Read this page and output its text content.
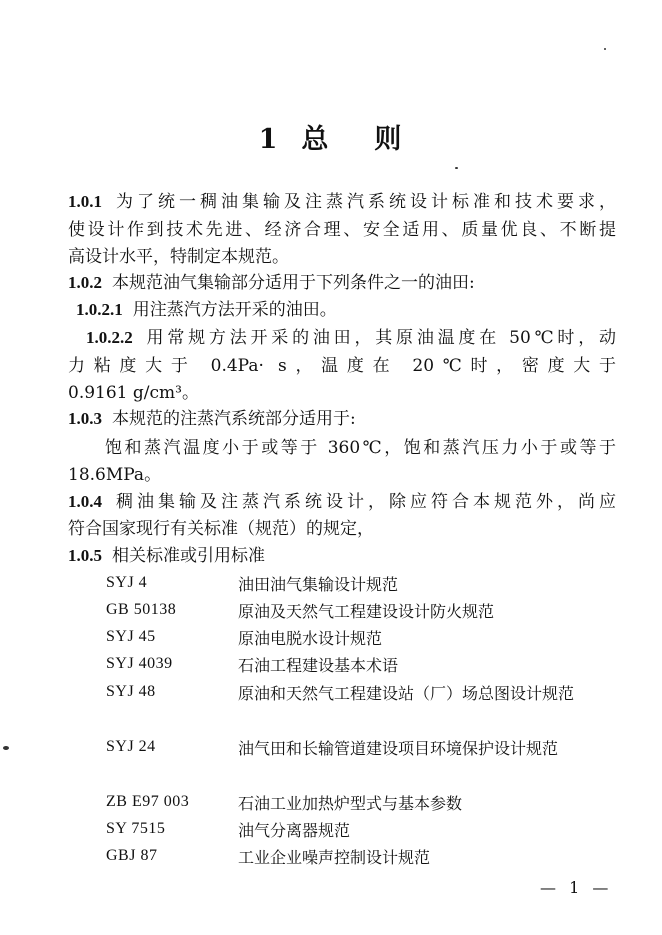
1 总 则
1.0.1 为了统一稠油集输及注蒸汽系统设计标准和技术要求，
使设计作到技术先进、经济合理、安全适用、质量优良、不断提
高设计水平，特制定本规范。
1.0.2 本规范油气集输部分适用于下列条件之一的油田:
1.0.2.1 用注蒸汽方法开采的油田。
1.0.2.2 用常规方法开采的油田，其原油温度在 50℃时，动
力粘度大于 0.4Pa· s，温度在 20℃时，密度大于
0.9161 g/cm³。
1.0.3 本规范的注蒸汽系统部分适用于:
饱和蒸汽温度小于或等于 360℃，饱和蒸汽压力小于或等于
18.6MPa。
1.0.4 稠油集输及注蒸汽系统设计，除应符合本规范外，尚应
符合国家现行有关标准（规范）的规定，
1.0.5 相关标准或引用标准
SYJ 4	油田油气集输设计规范
GB 50138	原油及天然气工程建设设计防火规范
SYJ 45	原油电脱水设计规范
SYJ 4039	石油工程建设基本术语
SYJ 48	原油和天然气工程建设站（厂）场总图设计规范
SYJ 24	油气田和长输管道建设项目环境保护设计规范
ZB E97 003	石油工业加热炉型式与基本参数
SY 7515	油气分离器规范
GBJ 87	工业企业噪声控制设计规范
— 1 —
